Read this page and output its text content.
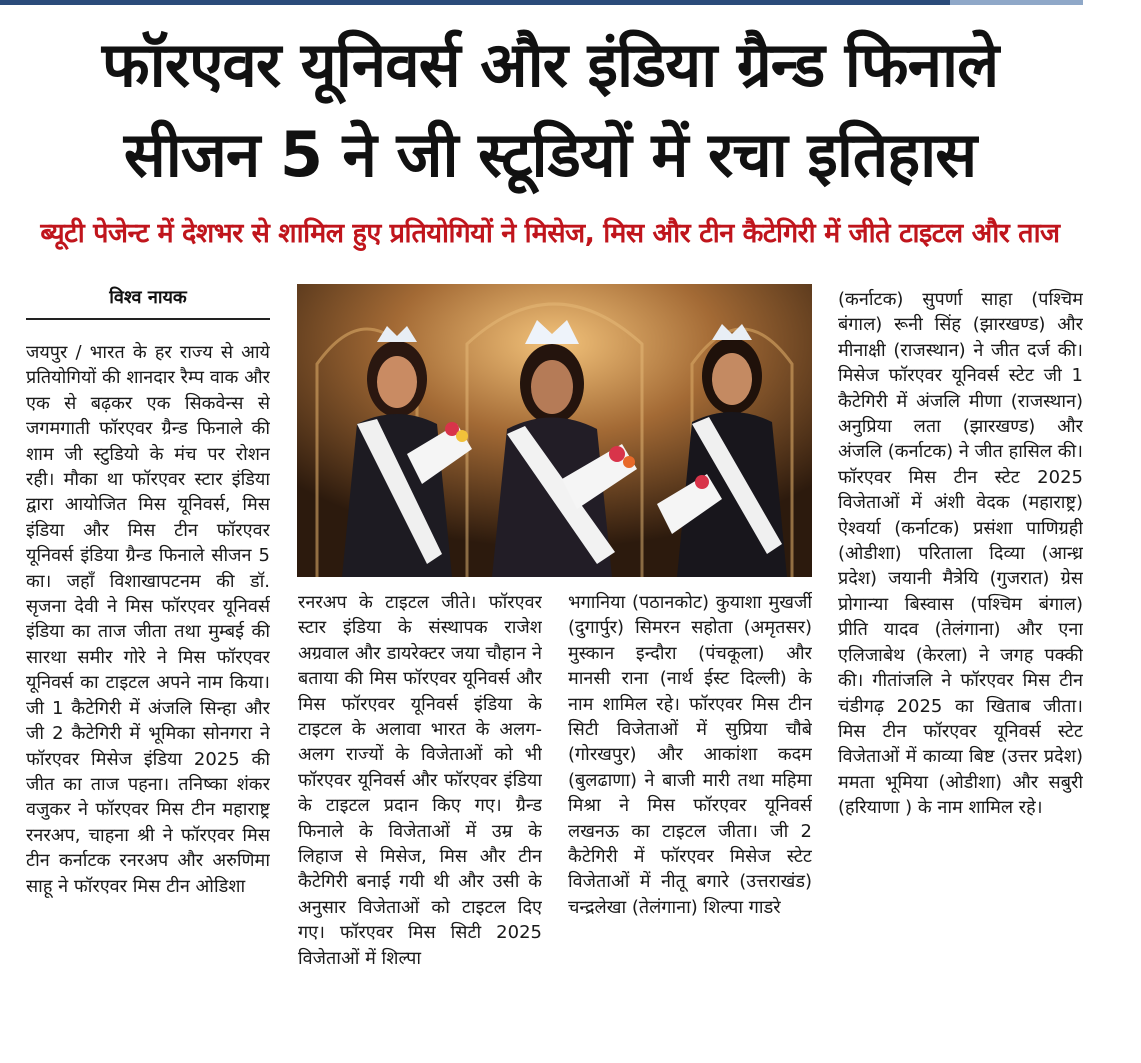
फॉरएवर यूनिवर्स और इंडिया ग्रैन्ड फिनाले
सीजन 5 ने जी स्टूडियों में रचा इतिहास
ब्यूटी पेजेन्ट में देशभर से शामिल हुए प्रतियोगियों ने मिसेज, मिस और टीन कैटेगिरी में जीते टाइटल और ताज
विश्व नायक
जयपुर / भारत के हर राज्य से आये प्रतियोगियों की शानदार रैम्प वाक और एक से बढ़कर एक सिकवेन्स से जगमगाती फॉरएवर ग्रैन्ड फिनाले की शाम जी स्टुडियो के मंच पर रोशन रही। मौका था फॉरएवर स्टार इंडिया द्वारा आयोजित मिस यूनिवर्स, मिस इंडिया और मिस टीन फॉरएवर यूनिवर्स इंडिया ग्रैन्ड फिनाले सीजन 5 का। जहाँ विशाखापटनम की डॉ. सृजना देवी ने मिस फॉरएवर यूनिवर्स इंडिया का ताज जीता तथा मुम्बई की सारथा समीर गोरे ने मिस फॉरएवर यूनिवर्स का टाइटल अपने नाम किया। जी 1 कैटेगिरी में अंजलि सिन्हा और जी 2 कैटेगिरी में भूमिका सोनगरा ने फॉरएवर मिसेज इंडिया 2025 की जीत का ताज पहना। तनिष्का शंकर वजुकर ने फॉरएवर मिस टीन महाराष्ट्र रनरअप, चाहना श्री ने फॉरएवर मिस टीन कर्नाटक रनरअप और अरुणिमा साहू ने फॉरएवर मिस टीन ओडिशा
रनरअप के टाइटल जीते। फॉरएवर स्टार इंडिया के संस्थापक राजेश अग्रवाल और डायरेक्टर जया चौहान ने बताया की मिस फॉरएवर यूनिवर्स और मिस फॉरएवर यूनिवर्स इंडिया के टाइटल के अलावा भारत के अलग-अलग राज्यों के विजेताओं को भी फॉरएवर यूनिवर्स और फॉरएवर इंडिया के टाइटल प्रदान किए गए। ग्रैन्ड फिनाले के विजेताओं में उम्र के लिहाज से मिसेज, मिस और टीन कैटेगिरी बनाई गयी थी और उसी के अनुसार विजेताओं को टाइटल दिए गए। फॉरएवर मिस सिटी 2025 विजेताओं में शिल्पा
भगानिया (पठानकोट) कुयाशा मुखर्जी (दुगार्पुर) सिमरन सहोता (अमृतसर) मुस्कान इन्दौरा (पंचकूला) और मानसी राना (नार्थ ईस्ट दिल्ली) के नाम शामिल रहे। फॉरएवर मिस टीन सिटी विजेताओं में सुप्रिया चौबे (गोरखपुर) और आकांशा कदम (बुलढाणा) ने बाजी मारी तथा महिमा मिश्रा ने मिस फॉरएवर यूनिवर्स लखनऊ का टाइटल जीता। जी 2 कैटेगिरी में फॉरएवर मिसेज स्टेट विजेताओं में नीतू बगारे (उत्तराखंड) चन्द्रलेखा (तेलंगाना) शिल्पा गाडरे
(कर्नाटक) सुपर्णा साहा (पश्चिम बंगाल) रूनी सिंह (झारखण्ड) और मीनाक्षी (राजस्थान) ने जीत दर्ज की। मिसेज फॉरएवर यूनिवर्स स्टेट जी 1 कैटेगिरी में अंजलि मीणा (राजस्थान) अनुप्रिया लता (झारखण्ड) और अंजलि (कर्नाटक) ने जीत हासिल की। फॉरएवर मिस टीन स्टेट 2025 विजेताओं में अंशी वेदक (महाराष्ट्र) ऐश्वर्या (कर्नाटक) प्रसंशा पाणिग्रही (ओडीशा) परिताला दिव्या (आन्ध्र प्रदेश) जयानी मैत्रेयि (गुजरात) ग्रेस प्रोगान्या बिस्वास (पश्चिम बंगाल) प्रीति यादव (तेलंगाना) और एना एलिजाबेथ (केरला) ने जगह पक्की की। गीतांजलि ने फॉरएवर मिस टीन चंडीगढ़ 2025 का खिताब जीता। मिस टीन फॉरएवर यूनिवर्स स्टेट विजेताओं में काव्या बिष्ट (उत्तर प्रदेश) ममता भूमिया (ओडीशा) और सबुरी (हरियाणा ) के नाम शामिल रहे।
